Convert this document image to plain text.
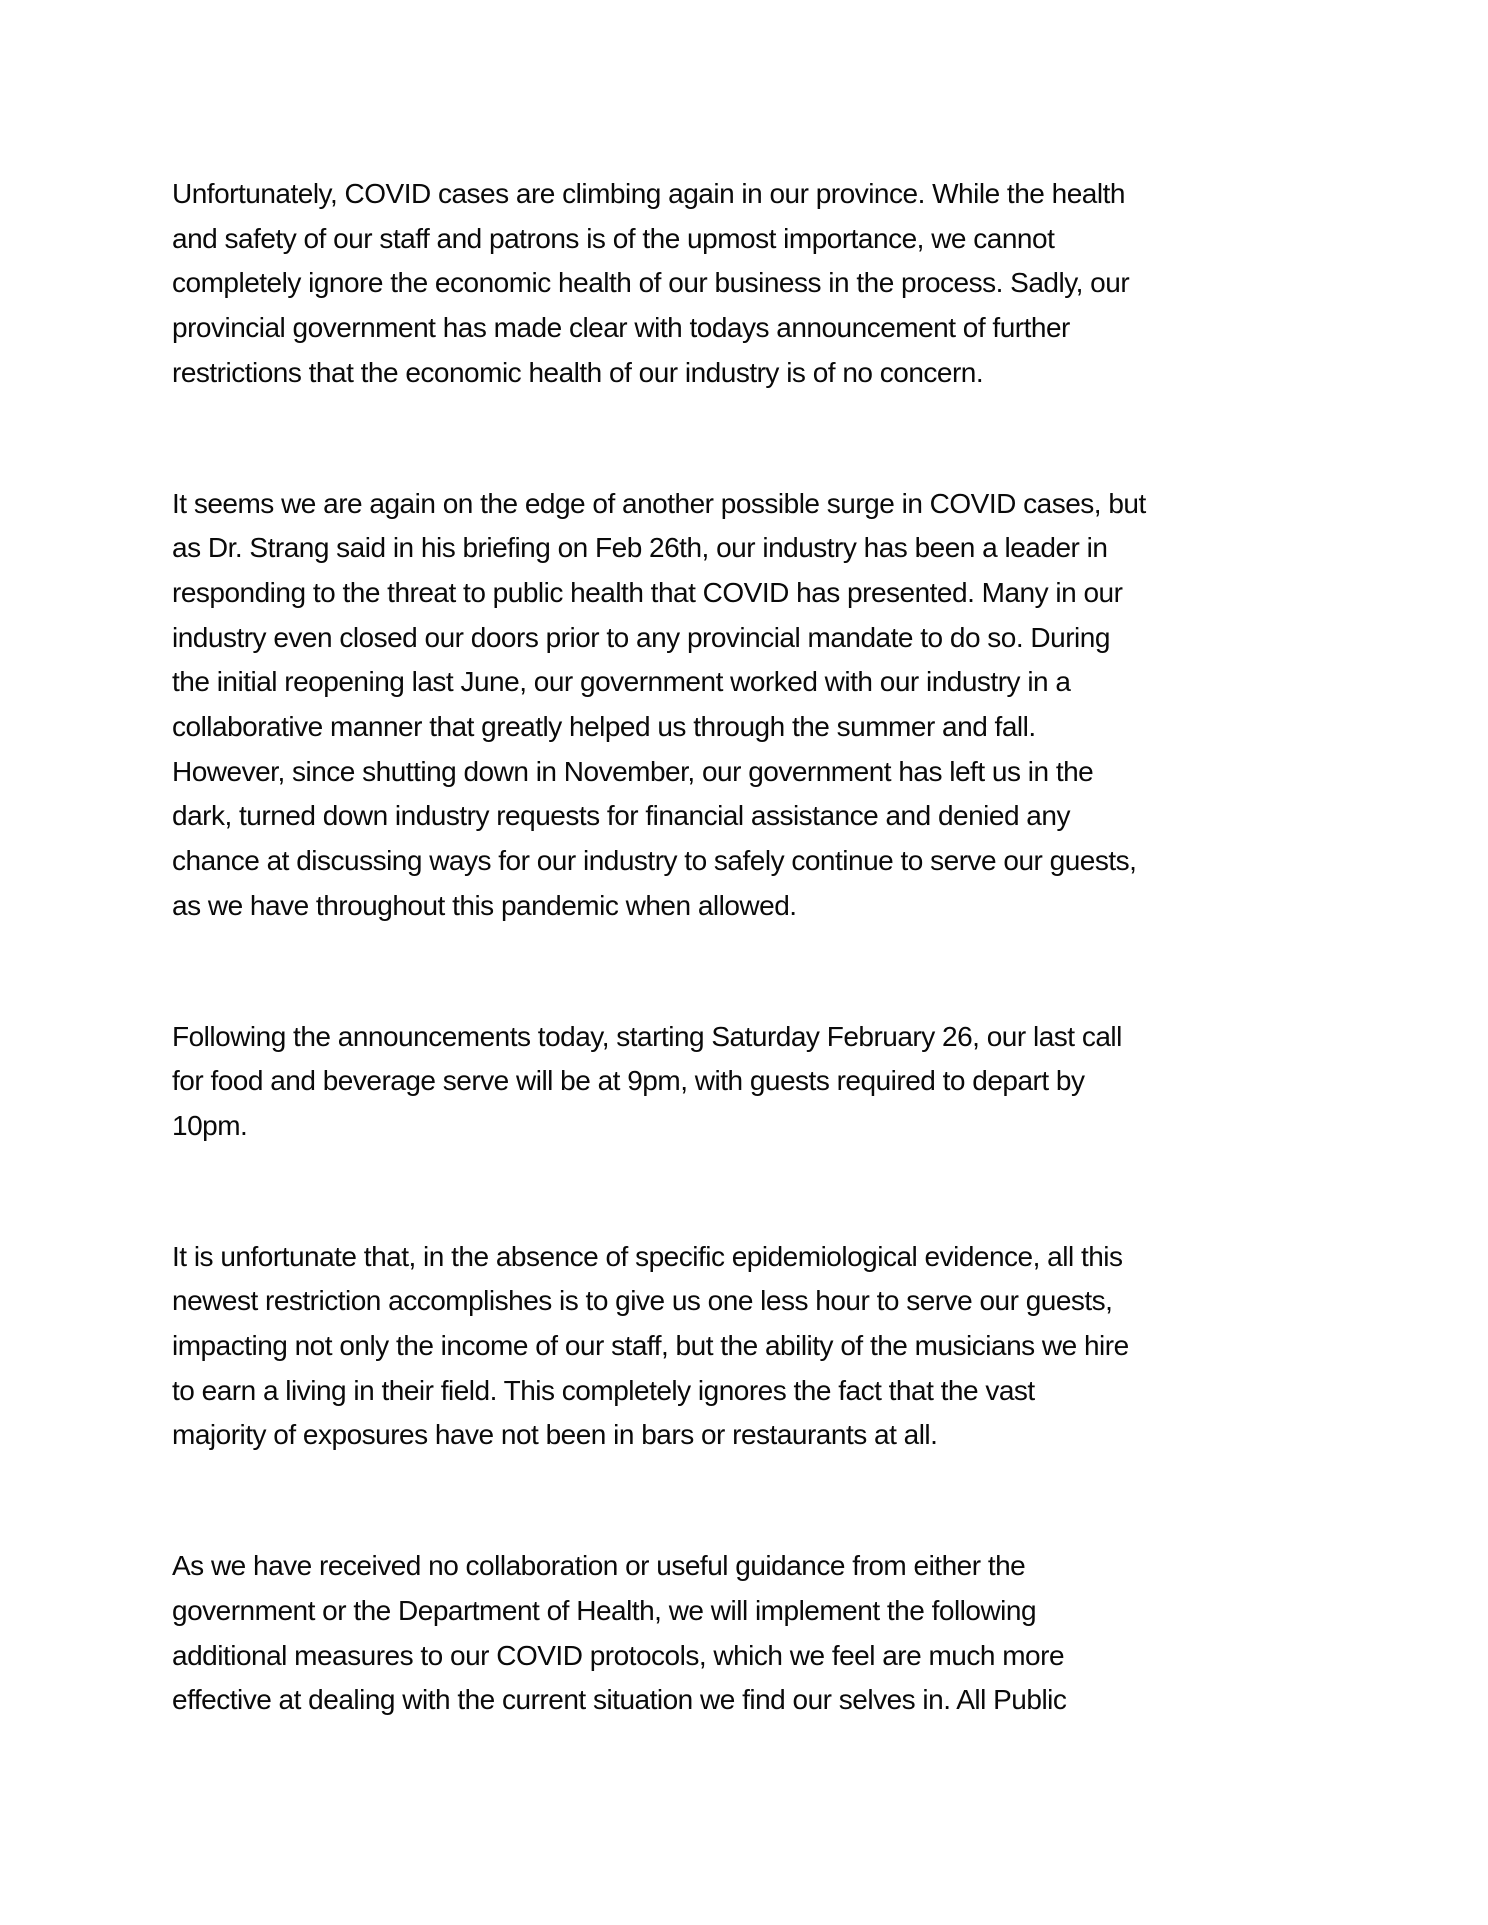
Unfortunately, COVID cases are climbing again in our province. While the health
and safety of our staff and patrons is of the upmost importance, we cannot
completely ignore the economic health of our business in the process. Sadly, our
provincial government has made clear with todays announcement of further
restrictions that the economic health of our industry is of no concern.

It seems we are again on the edge of another possible surge in COVID cases, but
as Dr. Strang said in his briefing on Feb 26th, our industry has been a leader in
responding to the threat to public health that COVID has presented. Many in our
industry even closed our doors prior to any provincial mandate to do so. During
the initial reopening last June, our government worked with our industry in a
collaborative manner that greatly helped us through the summer and fall.
However, since shutting down in November, our government has left us in the
dark, turned down industry requests for financial assistance and denied any
chance at discussing ways for our industry to safely continue to serve our guests,
as we have throughout this pandemic when allowed.

Following the announcements today, starting Saturday February 26, our last call
for food and beverage serve will be at 9pm, with guests required to depart by
10pm.

It is unfortunate that, in the absence of specific epidemiological evidence, all this
newest restriction accomplishes is to give us one less hour to serve our guests,
impacting not only the income of our staff, but the ability of the musicians we hire
to earn a living in their field. This completely ignores the fact that the vast
majority of exposures have not been in bars or restaurants at all.

As we have received no collaboration or useful guidance from either the
government or the Department of Health, we will implement the following
additional measures to our COVID protocols, which we feel are much more
effective at dealing with the current situation we find our selves in. All Public
